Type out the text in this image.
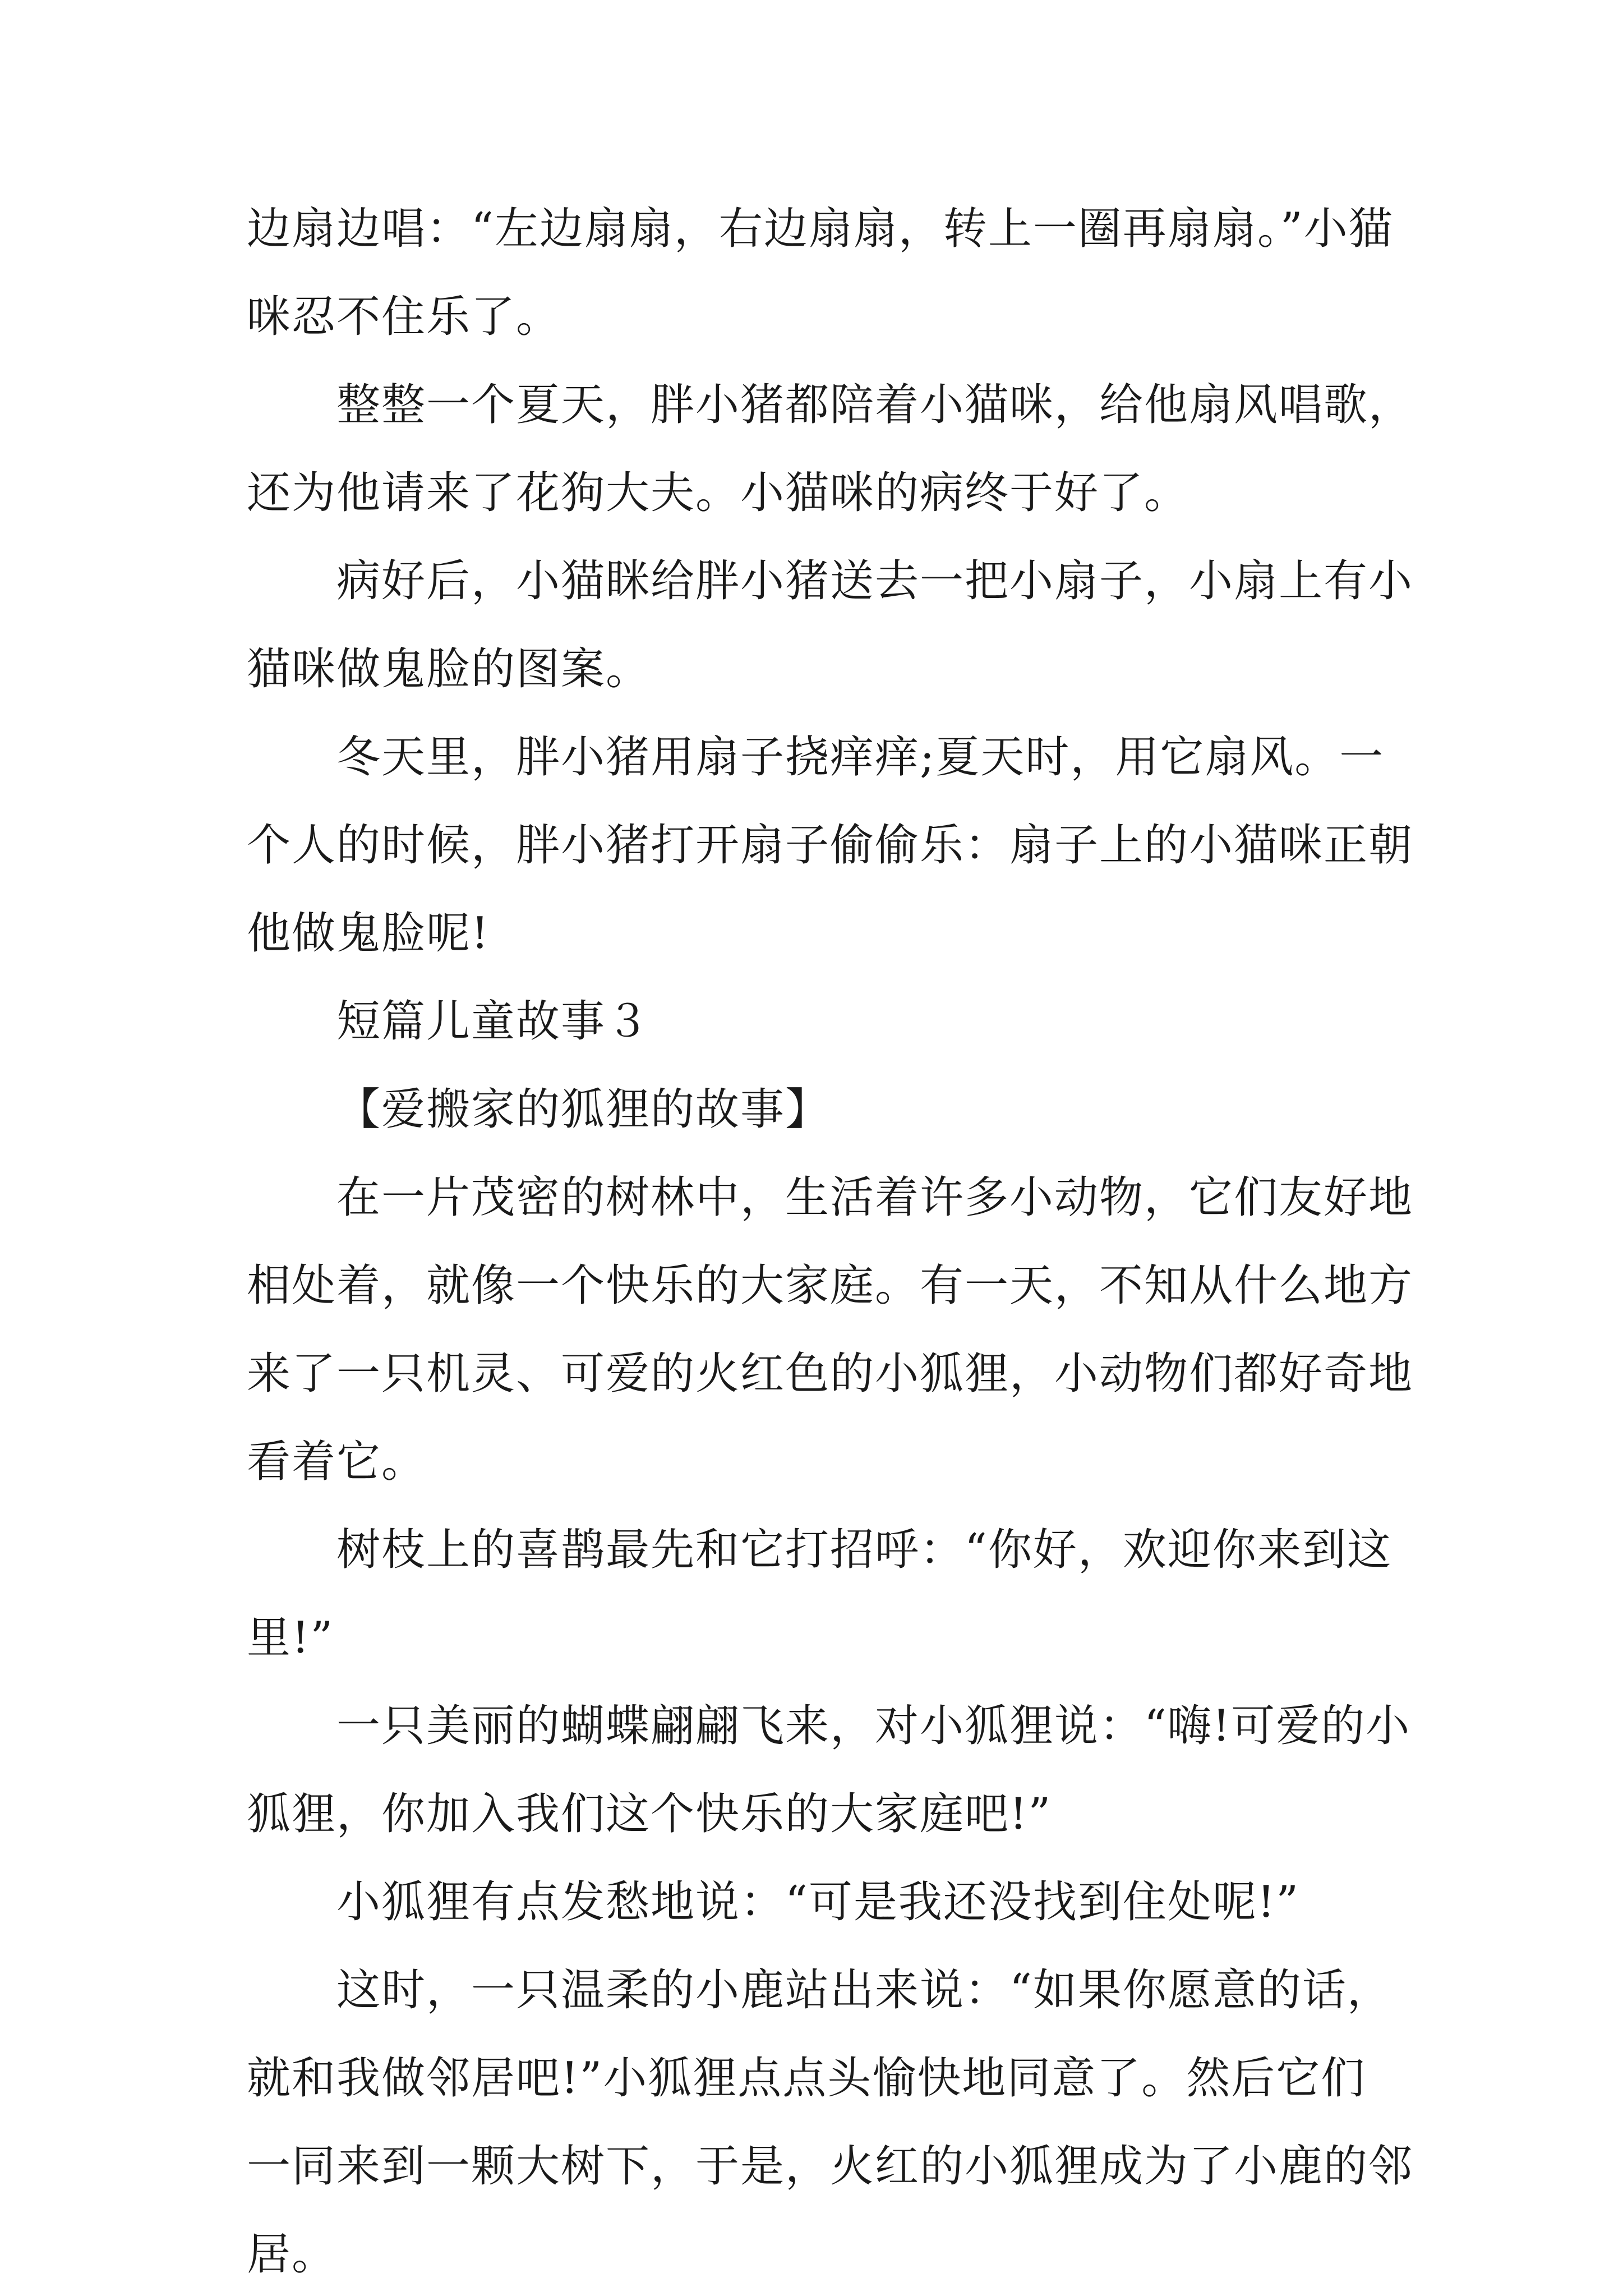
边扇边唱：“左边扇扇，右边扇扇，转上一圈再扇扇。”小猫
咪忍不住乐了。
整整一个夏天，胖小猪都陪着小猫咪，给他扇风唱歌，
还为他请来了花狗大夫。小猫咪的病终于好了。
病好后，小猫眯给胖小猪送去一把小扇子，小扇上有小
猫咪做鬼脸的图案。
冬天里，胖小猪用扇子挠痒痒;夏天时，用它扇风。一
个人的时候，胖小猪打开扇子偷偷乐：扇子上的小猫咪正朝
他做鬼脸呢!
短篇儿童故事３
【爱搬家的狐狸的故事】
在一片茂密的树林中，生活着许多小动物，它们友好地
相处着，就像一个快乐的大家庭。有一天，不知从什么地方
来了一只机灵、可爱的火红色的小狐狸，小动物们都好奇地
看着它。
树枝上的喜鹊最先和它打招呼：“你好，欢迎你来到这
里!”
一只美丽的蝴蝶翩翩飞来，对小狐狸说：“嗨!可爱的小
狐狸，你加入我们这个快乐的大家庭吧!”
小狐狸有点发愁地说：“可是我还没找到住处呢!”
这时，一只温柔的小鹿站出来说：“如果你愿意的话，
就和我做邻居吧!”小狐狸点点头愉快地同意了。然后它们
一同来到一颗大树下，于是，火红的小狐狸成为了小鹿的邻
居。
